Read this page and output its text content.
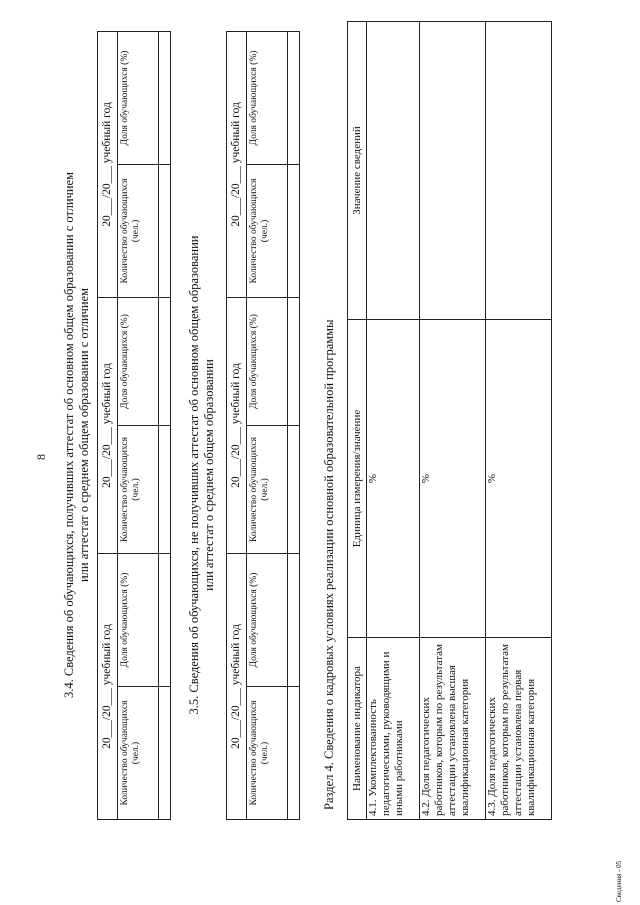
8 3.4. Сведения об обучающихся, получивших аттестат об основном общем образовании с отличием или аттестат о среднем общем образовании с отличием
20___/20___ учебный год		20___/20___ учебный год		20___/20___ учебный год	
Количество обучающихся (чел.)	Доля обучающихся (%)	Количество обучающихся (чел.)	Доля обучающихся (%)	Количество обучающихся (чел.)	Доля обучающихся (%)

3.5. Сведения об обучающихся, не получивших аттестат об основном общем образовании или аттестат о среднем общем образовании
20___/20___ учебный год		20___/20___ учебный год		20___/20___ учебный год	
Количество обучающихся (чел.)	Доля обучающихся (%)	Количество обучающихся (чел.)	Доля обучающихся (%)	Количество обучающихся (чел.)	Доля обучающихся (%)

Раздел 4. Сведения о кадровых условиях реализации основной образовательной программы Наименование индикатора	Единица измерения/значение	Значение сведений
4.1. Укомплектованность педагогическими, руководящими и иными работниками	%	
4.2. Доля педагогических работников, которым по результатам аттестации установлена высшая квалификационная категория	%	
4.3. Доля педагогических работников, которым по результатам аттестации установлена первая квалификационная категория	%	
Сведения - 05
